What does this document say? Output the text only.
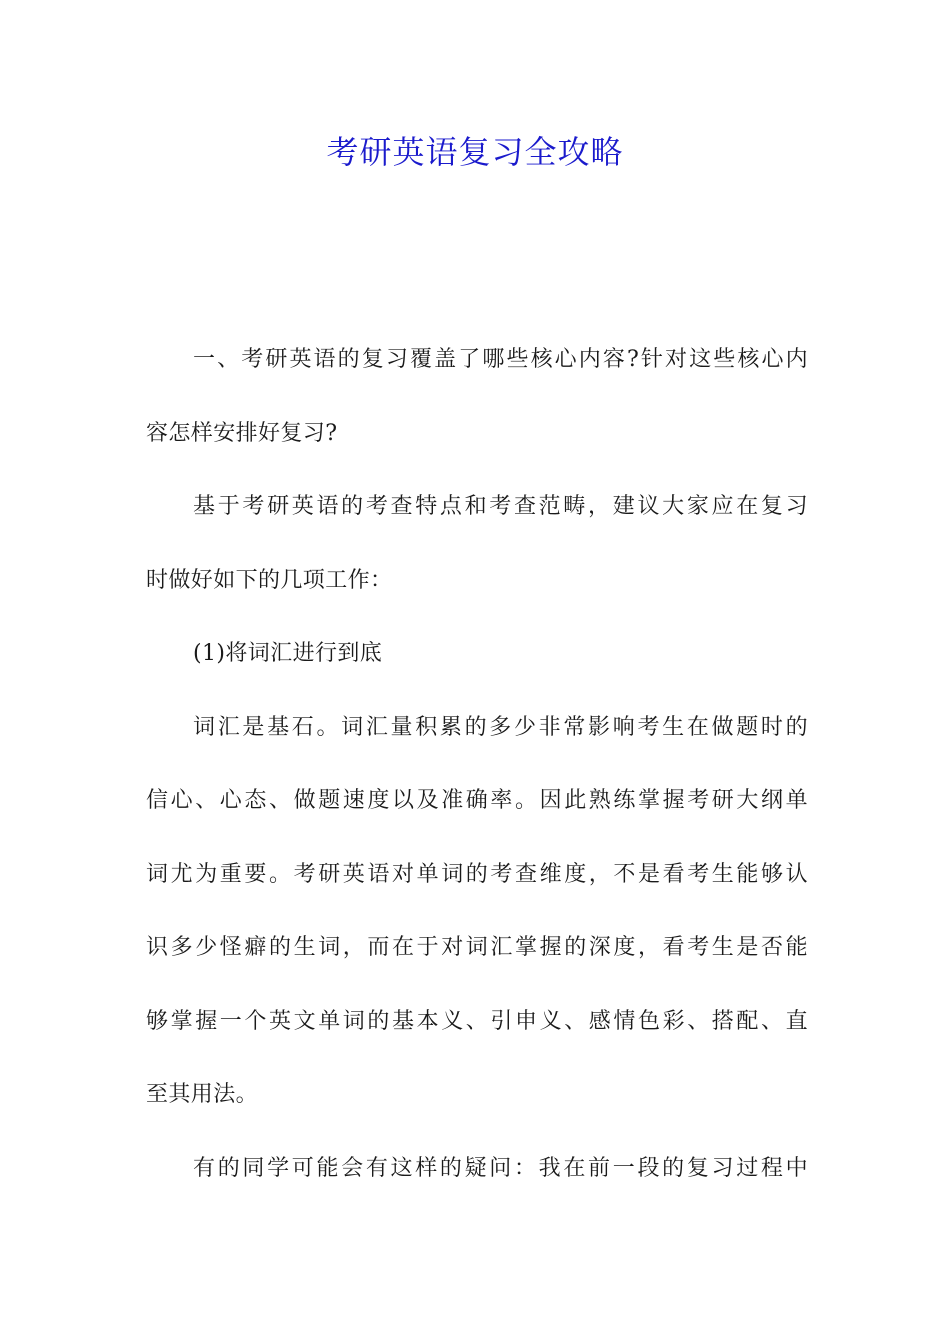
考研英语复习全攻略
一、考研英语的复习覆盖了哪些核心内容?针对这些核心内
容怎样安排好复习?
基于考研英语的考查特点和考查范畴，建议大家应在复习
时做好如下的几项工作：
(1)将词汇进行到底
词汇是基石。词汇量积累的多少非常影响考生在做题时的
信心、心态、做题速度以及准确率。因此熟练掌握考研大纲单
词尤为重要。考研英语对单词的考查维度，不是看考生能够认
识多少怪癖的生词，而在于对词汇掌握的深度，看考生是否能
够掌握一个英文单词的基本义、引申义、感情色彩、搭配、直
至其用法。
有的同学可能会有这样的疑问：我在前一段的复习过程中
